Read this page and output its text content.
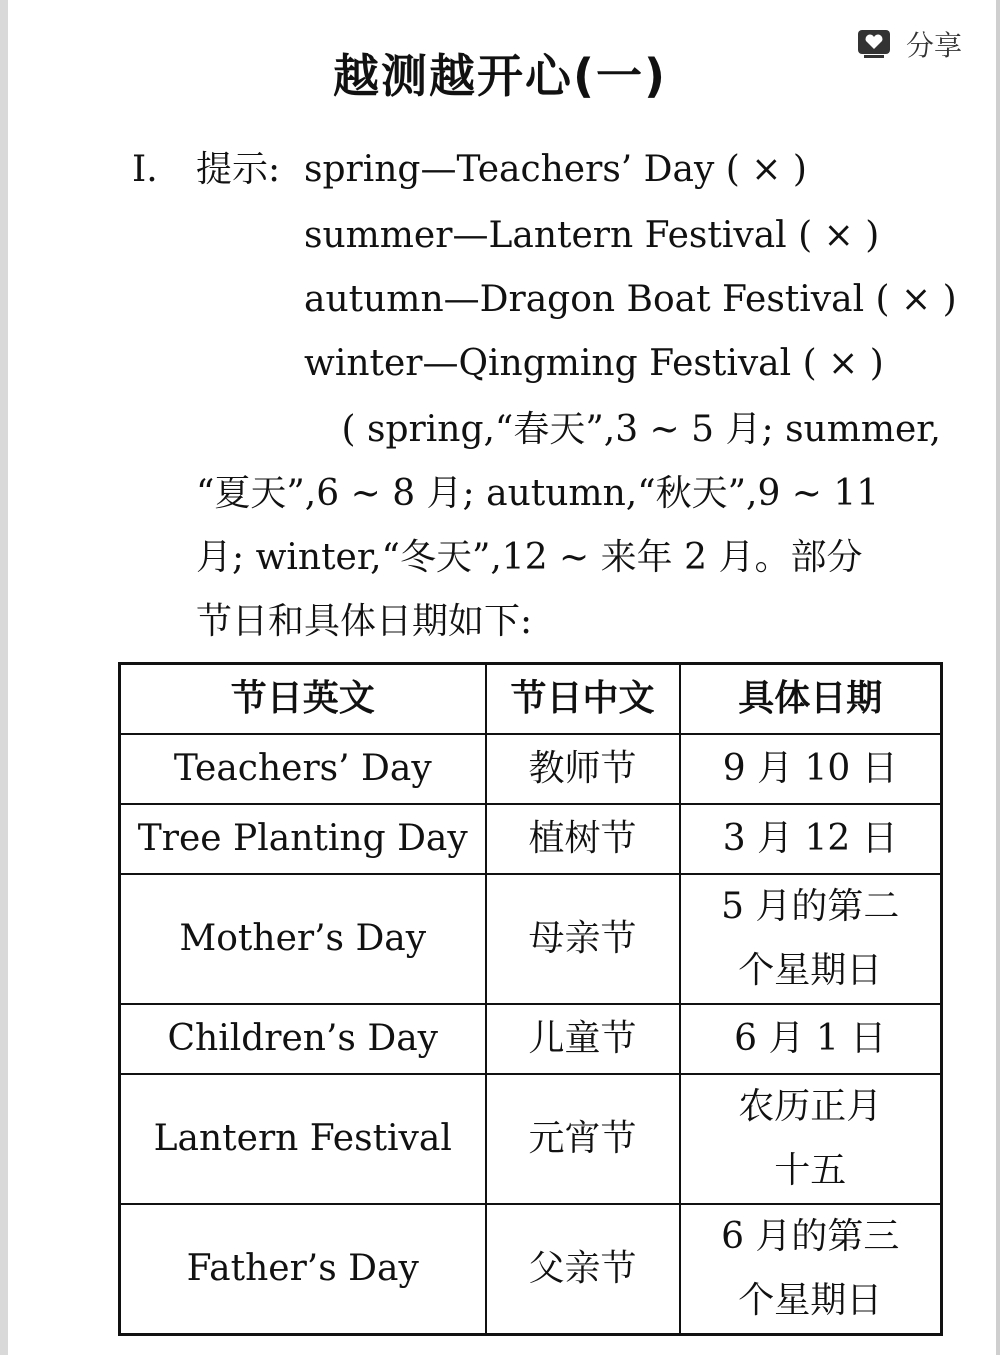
分享
越测越开心(一)
Ⅰ. 提示: spring—Teachers’ Day ( × )
summer—Lantern Festival ( × )
autumn—Dragon Boat Festival ( × )
winter—Qingming Festival ( × )
( spring,“春天”,3 ~ 5 月; summer,
“夏天”,6 ~ 8 月; autumn,“秋天”,9 ~ 11
月; winter,“冬天”,12 ~ 来年 2 月。部分
节日和具体日期如下:
节日英文	节日中文	具体日期
Teachers’ Day	教师节	9 月 10 日

Tree Planting Day	植树节	3 月 12 日

Mother’s Day	母亲节	5 月的第二
个星期日

Children’s Day	儿童节	6 月 1 日

Lantern Festival	元宵节	农历正月
十五

Father’s Day	父亲节	6 月的第三
个星期日
